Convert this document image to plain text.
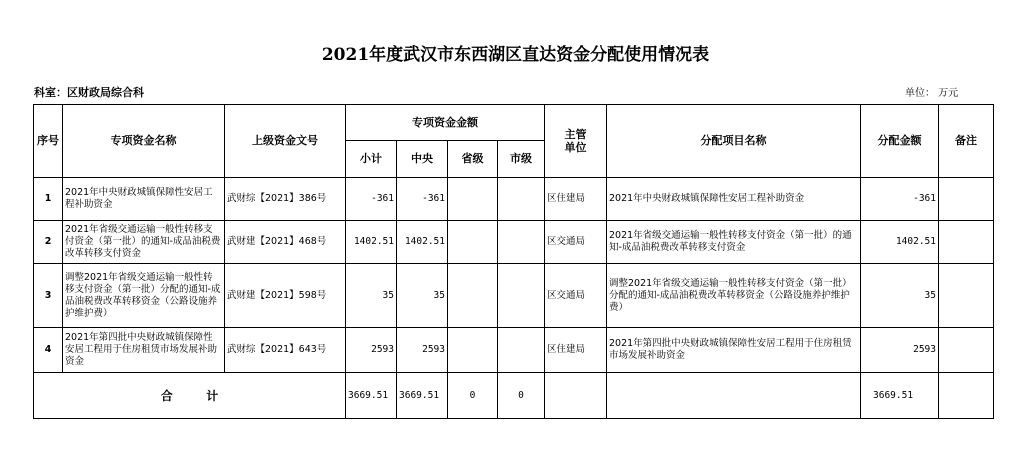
2021年度武汉市东西湖区直达资金分配使用情况表
科室：区财政局综合科	单位： 万元
序号	专项资金名称	上级资金文号	专项资金金额				主管单位	分配项目名称	分配金额	备注
			小计	中央	省级	市级				
1	2021年中央财政城镇保障性安居工程补助资金	武财综【2021】386号	-361	-361			区住建局	2021年中央财政城镇保障性安居工程补助资金	-361	
2	2021年省级交通运输一般性转移支付资金（第一批）的通知-成品油税费改革转移支付资金	武财建【2021】468号	1402.51	1402.51			区交通局	2021年省级交通运输一般性转移支付资金（第一批）的通知-成品油税费改革转移支付资金	1402.51	
3	调整2021年省级交通运输一般性转移支付资金（第一批）分配的通知-成品油税费改革转移资金（公路设施养护维护费）	武财建【2021】598号	35	35			区交通局	调整2021年省级交通运输一般性转移支付资金（第一批）分配的通知-成品油税费改革转移资金（公路设施养护维护费）	35	
4	2021年第四批中央财政城镇保障性安居工程用于住房租赁市场发展补助资金	武财综【2021】643号	2593	2593			区住建局	2021年第四批中央财政城镇保障性安居工程用于住房租赁市场发展补助资金	2593	
合        计			3669.51	3669.51	0	0			3669.51	
